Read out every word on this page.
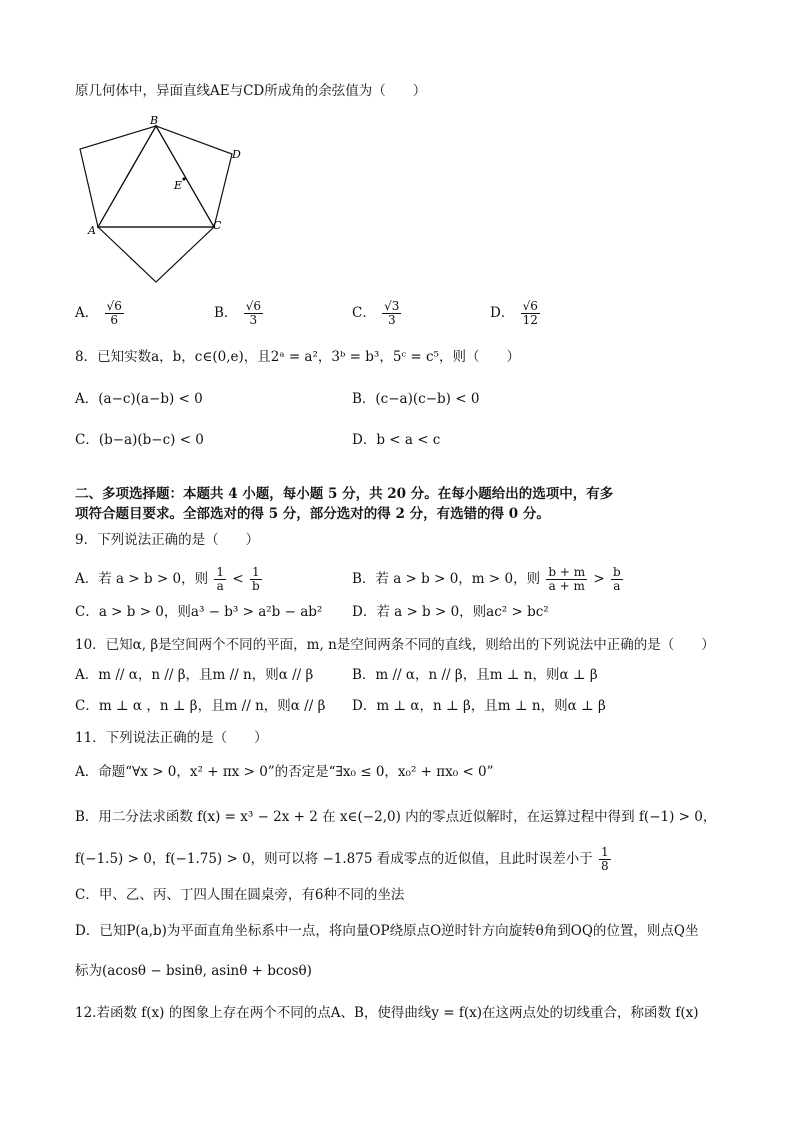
原几何体中，异面直线AE与CD所成角的余弦值为（　　）
B
D
E
A	C
A． $\frac{√6}{6}$	B． $\frac{√6}{3}$	C． $\frac{√3}{3}$	D． $\frac{√6}{12}$
8．已知实数a，b，c∈(0,e)，且2ᵃ = a²，3ᵇ = b³，5ᶜ = c⁵，则（　　）
A．(a−c)(a−b) < 0	B．(c−a)(c−b) < 0
C．(b−a)(b−c) < 0	D．b < a < c
二、多项选择题：本题共 4 小题，每小题 5 分，共 20 分。在每小题给出的选项中，有多
项符合题目要求。全部选对的得 5 分，部分选对的得 2 分，有选错的得 0 分。
9．下列说法正确的是（　　）
A．若 a > b > 0，则 $\frac{1}{a} < \frac{1}{b}$	B．若 a > b > 0，m > 0，则 $\frac{b + m}{a + m} > \frac{b}{a}$
C．a > b > 0，则a³ − b³ > a²b − ab² D．若 a > b > 0，则ac² > bc²
10．已知α, β是空间两个不同的平面，m, n是空间两条不同的直线，则给出的下列说法中正确的是（　　）
A．m // α，n // β，且m // n，则α // β	B．m // α，n // β，且m ⊥ n，则α ⊥ β
C．m ⊥ α ，n ⊥ β，且m // n，则α // β D．m ⊥ α，n ⊥ β，且m ⊥ n，则α ⊥ β
11．下列说法正确的是（　　）
A．命题“∀x > 0，x² + πx > 0”的否定是“∃x₀ ≤ 0，x₀² + πx₀ < 0”
B．用二分法求函数 f(x) = x³ − 2x + 2 在 x∈(−2,0) 内的零点近似解时，在运算过程中得到 f(−1) > 0，
f(−1.5) > 0，f(−1.75) > 0，则可以将 −1.875 看成零点的近似值，且此时误差小于 $\frac{1}{8}$
C．甲、乙、丙、丁四人围在圆桌旁，有6种不同的坐法
D．已知P(a,b)为平面直角坐标系中一点，将向量OP绕原点O逆时针方向旋转θ角到OQ的位置，则点Q坐
标为(acosθ − bsinθ, asinθ + bcosθ)
12.若函数 f(x) 的图象上存在两个不同的点A、B，使得曲线y = f(x)在这两点处的切线重合，称函数 f(x)
